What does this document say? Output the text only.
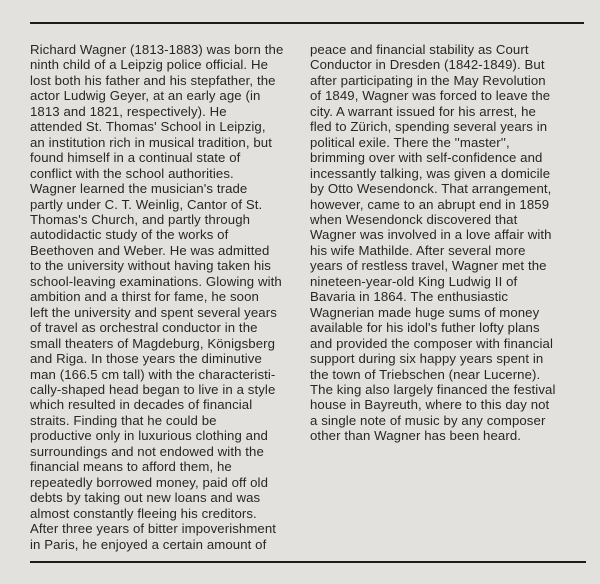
Richard Wagner (1813-1883) was born the
ninth child of a Leipzig police official. He
lost both his father and his stepfather, the
actor Ludwig Geyer, at an early age (in
1813 and 1821, respectively). He
attended St. Thomas' School in Leipzig,
an institution rich in musical tradition, but
found himself in a continual state of
conflict with the school authorities.
Wagner learned the musician's trade
partly under C. T. Weinlig, Cantor of St.
Thomas's Church, and partly through
autodidactic study of the works of
Beethoven and Weber. He was admitted
to the university without having taken his
school-leaving examinations. Glowing with
ambition and a thirst for fame, he soon
left the university and spent several years
of travel as orchestral conductor in the
small theaters of Magdeburg, Königsberg
and Riga. In those years the diminutive
man (166.5 cm tall) with the characteristi-
cally-shaped head began to live in a style
which resulted in decades of financial
straits. Finding that he could be
productive only in luxurious clothing and
surroundings and not endowed with the
financial means to afford them, he
repeatedly borrowed money, paid off old
debts by taking out new loans and was
almost constantly fleeing his creditors.
After three years of bitter impoverishment
in Paris, he enjoyed a certain amount of
peace and financial stability as Court
Conductor in Dresden (1842-1849). But
after participating in the May Revolution
of 1849, Wagner was forced to leave the
city. A warrant issued for his arrest, he
fled to Zürich, spending several years in
political exile. There the ''master'',
brimming over with self-confidence and
incessantly talking, was given a domicile
by Otto Wesendonck. That arrangement,
however, came to an abrupt end in 1859
when Wesendonck discovered that
Wagner was involved in a love affair with
his wife Mathilde. After several more
years of restless travel, Wagner met the
nineteen-year-old King Ludwig II of
Bavaria in 1864. The enthusiastic
Wagnerian made huge sums of money
available for his idol's futher lofty plans
and provided the composer with financial
support during six happy years spent in
the town of Triebschen (near Lucerne).
The king also largely financed the festival
house in Bayreuth, where to this day not
a single note of music by any composer
other than Wagner has been heard.
